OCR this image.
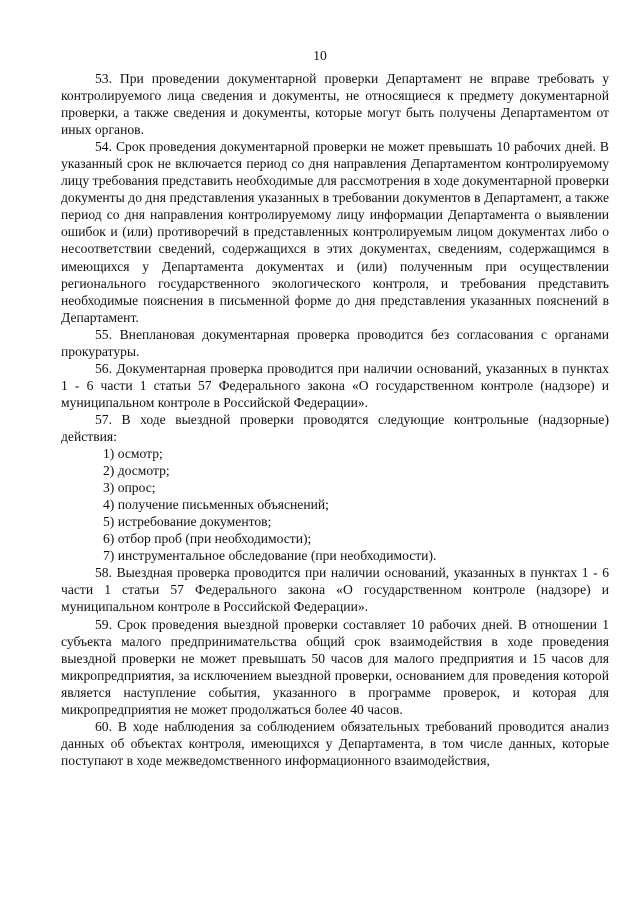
10

53. При проведении документарной проверки Департамент не вправе требовать у контролируемого лица сведения и документы, не относящиеся к предмету документарной проверки, а также сведения и документы, которые могут быть получены Департаментом от иных органов.

54. Срок проведения документарной проверки не может превышать 10 рабочих дней. В указанный срок не включается период со дня направления Департаментом контролируемому лицу требования представить необходимые для рассмотрения в ходе документарной проверки документы до дня представления указанных в требовании документов в Департамент, а также период со дня направления контролируемому лицу информации Департамента о выявлении ошибок и (или) противоречий в представленных контролируемым лицом документах либо о несоответствии сведений, содержащихся в этих документах, сведениям, содержащимся в имеющихся у Департамента документах и (или) полученным при осуществлении регионального государственного экологического контроля, и требования представить необходимые пояснения в письменной форме до дня представления указанных пояснений в Департамент.

55. Внеплановая документарная проверка проводится без согласования с органами прокуратуры.

56. Документарная проверка проводится при наличии оснований, указанных в пунктах 1 - 6 части 1 статьи 57 Федерального закона «О государственном контроле (надзоре) и муниципальном контроле в Российской Федерации».

57. В ходе выездной проверки проводятся следующие контрольные (надзорные) действия:

1) осмотр;
2) досмотр;
3) опрос;
4) получение письменных объяснений;
5) истребование документов;
6) отбор проб (при необходимости);
7) инструментальное обследование (при необходимости).

58. Выездная проверка проводится при наличии оснований, указанных в пунктах 1 - 6 части 1 статьи 57 Федерального закона «О государственном контроле (надзоре) и муниципальном контроле в Российской Федерации».

59. Срок проведения выездной проверки составляет 10 рабочих дней. В отношении 1 субъекта малого предпринимательства общий срок взаимодействия в ходе проведения выездной проверки не может превышать 50 часов для малого предприятия и 15 часов для микропредприятия, за исключением выездной проверки, основанием для проведения которой является наступление события, указанного в программе проверок, и которая для микропредприятия не может продолжаться более 40 часов.

60. В ходе наблюдения за соблюдением обязательных требований проводится анализ данных об объектах контроля, имеющихся у Департамента, в том числе данных, которые поступают в ходе межведомственного информационного взаимодействия,
